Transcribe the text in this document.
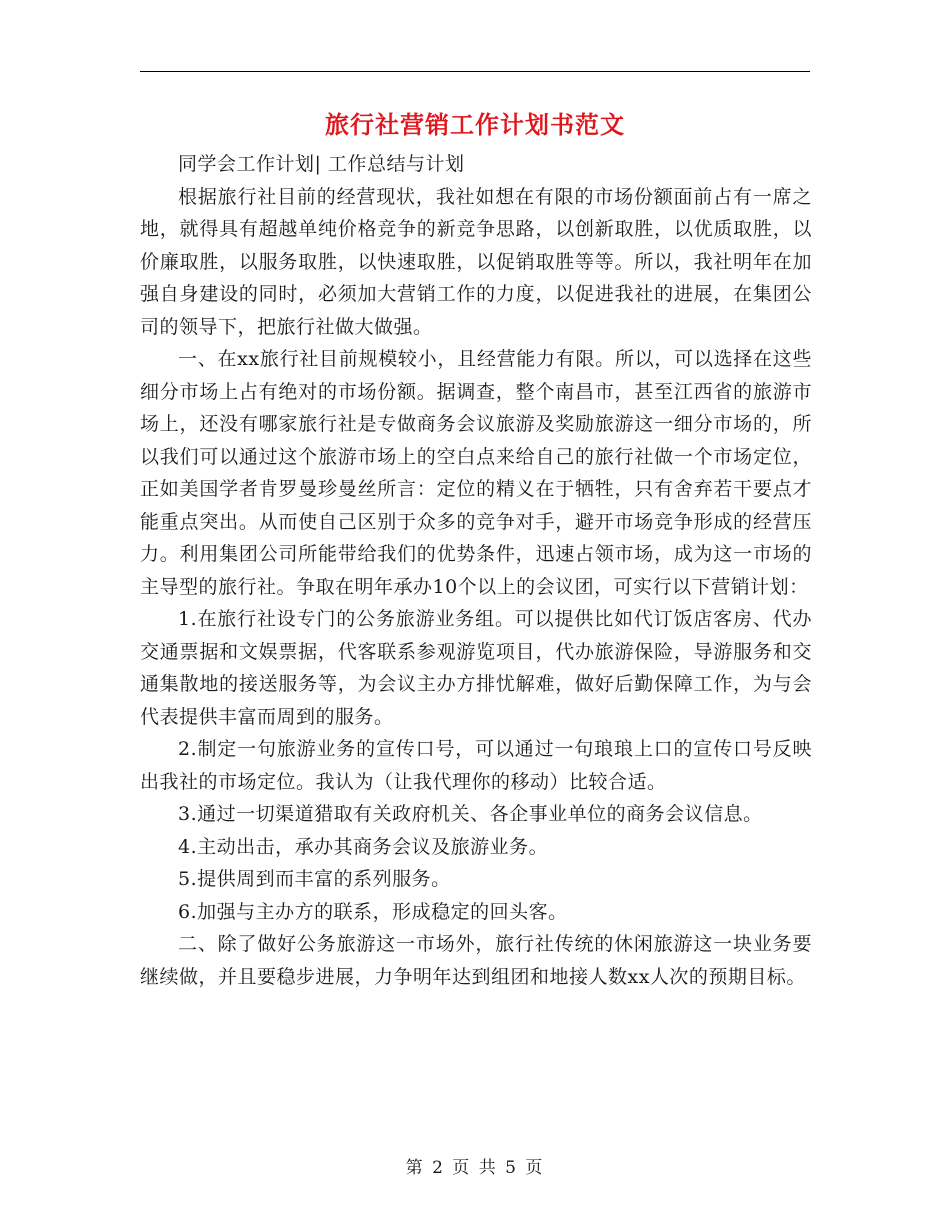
旅行社营销工作计划书范文

同学会工作计划| 工作总结与计划

根据旅行社目前的经营现状，我社如想在有限的市场份额面前占有一席之地，就得具有超越单纯价格竞争的新竞争思路，以创新取胜，以优质取胜，以价廉取胜，以服务取胜，以快速取胜，以促销取胜等等。所以，我社明年在加强自身建设的同时，必须加大营销工作的力度，以促进我社的进展，在集团公司的领导下，把旅行社做大做强。

一、在xx旅行社目前规模较小，且经营能力有限。所以，可以选择在这些细分市场上占有绝对的市场份额。据调查，整个南昌市，甚至江西省的旅游市场上，还没有哪家旅行社是专做商务会议旅游及奖励旅游这一细分市场的，所以我们可以通过这个旅游市场上的空白点来给自己的旅行社做一个市场定位，正如美国学者肯罗曼珍曼丝所言：定位的精义在于牺牲，只有舍弃若干要点才能重点突出。从而使自己区别于众多的竞争对手，避开市场竞争形成的经营压力。利用集团公司所能带给我们的优势条件，迅速占领市场，成为这一市场的主导型的旅行社。争取在明年承办10个以上的会议团，可实行以下营销计划：

1.在旅行社设专门的公务旅游业务组。可以提供比如代订饭店客房、代办交通票据和文娱票据，代客联系参观游览项目，代办旅游保险，导游服务和交通集散地的接送服务等，为会议主办方排忧解难，做好后勤保障工作，为与会代表提供丰富而周到的服务。

2.制定一句旅游业务的宣传口号，可以通过一句琅琅上口的宣传口号反映出我社的市场定位。我认为（让我代理你的移动）比较合适。

3.通过一切渠道猎取有关政府机关、各企事业单位的商务会议信息。

4.主动出击，承办其商务会议及旅游业务。

5.提供周到而丰富的系列服务。

6.加强与主办方的联系，形成稳定的回头客。

二、除了做好公务旅游这一市场外，旅行社传统的休闲旅游这一块业务要继续做，并且要稳步进展，力争明年达到组团和地接人数xx人次的预期目标。

第 2 页 共 5 页
